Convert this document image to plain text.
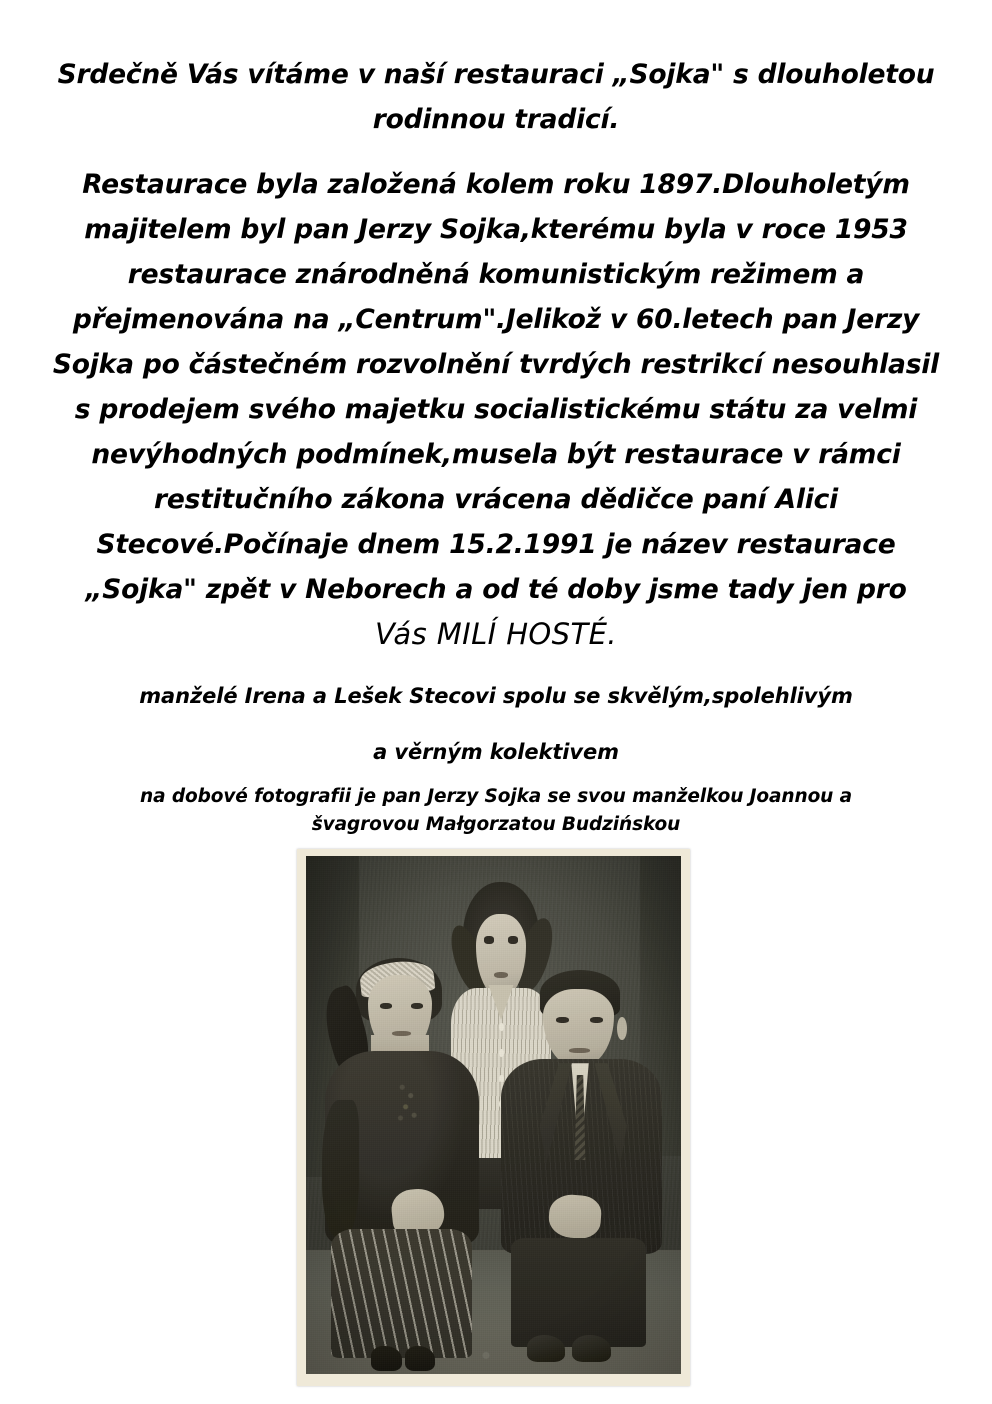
Srdečně Vás vítáme v naší restauraci „Sojka" s dlouholetou
rodinnou tradicí.
Restaurace byla založená kolem roku 1897.Dlouholetým
majitelem byl pan Jerzy Sojka,kterému byla v roce 1953
restaurace znárodněná komunistickým režimem a
přejmenována na „Centrum".Jelikož v 60.letech pan Jerzy
Sojka po částečném rozvolnění tvrdých restrikcí nesouhlasil
s prodejem svého majetku socialistickému státu za velmi
nevýhodných podmínek,musela být restaurace v rámci
restitučního zákona vrácena dědičce paní Alici
Stecové.Počínaje dnem 15.2.1991 je název restaurace
„Sojka" zpět v Neborech a od té doby jsme tady jen pro
Vás MILÍ HOSTÉ.
manželé Irena a Lešek Stecovi spolu se skvělým,spolehlivým
a věrným kolektivem
na dobové fotografii je pan Jerzy Sojka se svou manželkou Joannou a
švagrovou Małgorzatou Budzińskou
